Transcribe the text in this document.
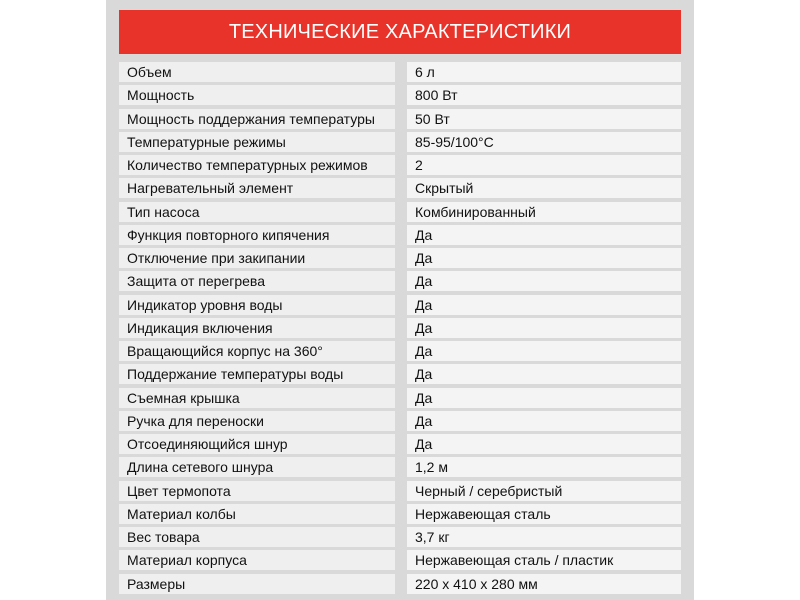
ТЕХНИЧЕСКИЕ ХАРАКТЕРИСТИКИ
Объем	6 л
Мощность	800 Вт
Мощность поддержания температуры	50 Вт
Температурные режимы	85-95/100°C
Количество температурных режимов	2
Нагревательный элемент	Скрытый
Тип насоса	Комбинированный
Функция повторного кипячения	Да
Отключение при закипании	Да
Защита от перегрева	Да
Индикатор уровня воды	Да
Индикация включения	Да
Вращающийся корпус на 360°	Да
Поддержание температуры воды	Да
Съемная крышка	Да
Ручка для переноски	Да
Отсоединяющийся шнур	Да
Длина сетевого шнура	1,2 м
Цвет термопота	Черный / серебристый
Материал колбы	Нержавеющая сталь
Вес товара	3,7 кг
Материал корпуса	Нержавеющая сталь / пластик
Размеры	220 х 410 х 280 мм
